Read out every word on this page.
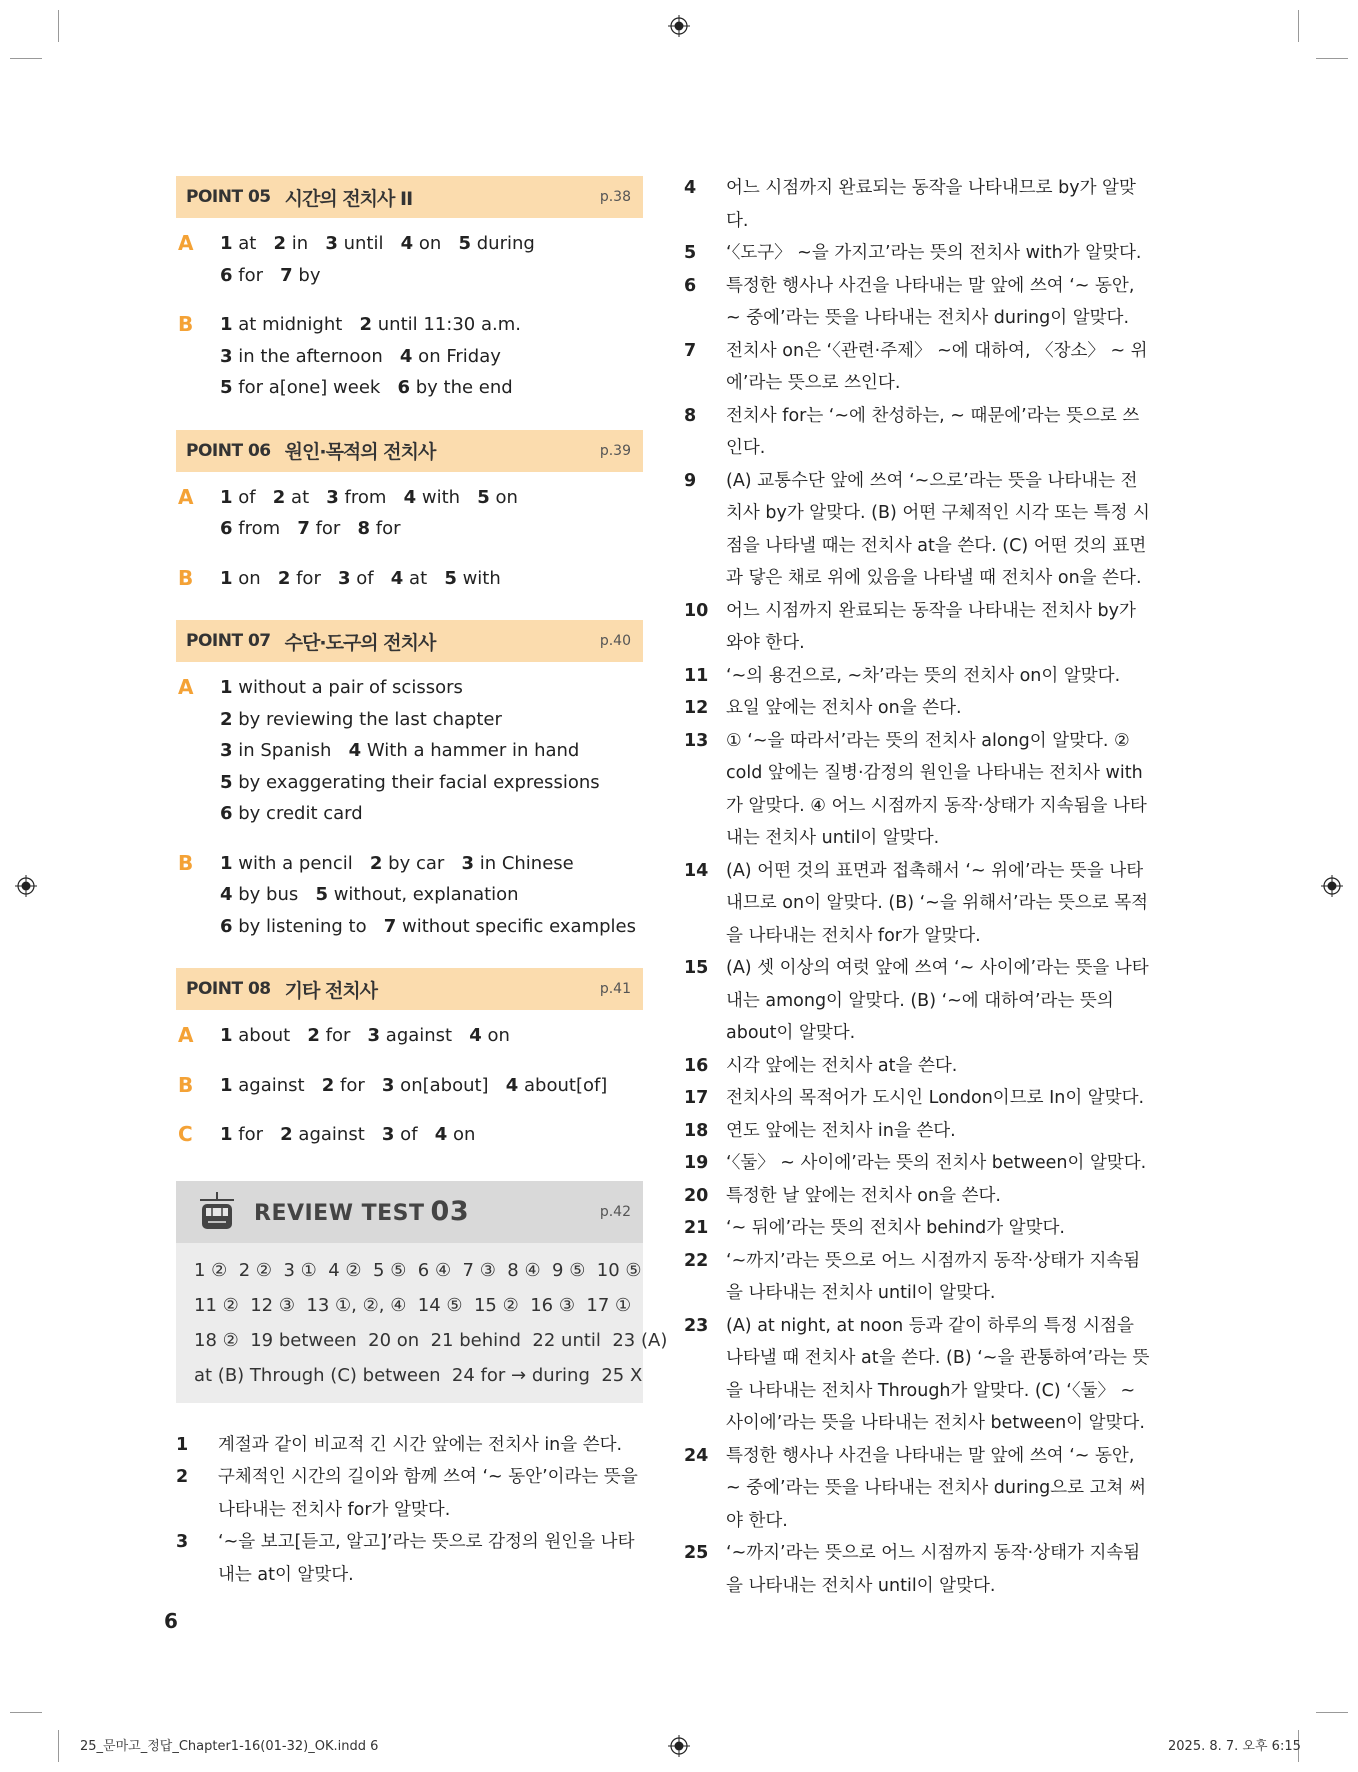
POINT 05 시간의 전치사 II	p.38
A	1 at   2 in   3 until   4 on   5 during
6 for   7 by
B	1 at midnight   2 until 11:30 a.m.
3 in the afternoon   4 on Friday
5 for a[one] week   6 by the end
POINT 06 원인·목적의 전치사	p.39
A	1 of   2 at   3 from   4 with   5 on
6 from   7 for   8 for
B	1 on   2 for   3 of   4 at   5 with
POINT 07 수단·도구의 전치사	p.40
A	1 without a pair of scissors
2 by reviewing the last chapter
3 in Spanish   4 With a hammer in hand
5 by exaggerating their facial expressions
6 by credit card
B	1 with a pencil   2 by car   3 in Chinese
4 by bus   5 without, explanation
6 by listening to   7 without specific examples
POINT 08 기타 전치사	p.41
A	1 about   2 for   3 against   4 on
B	1 against   2 for   3 on[about]   4 about[of]
C	1 for   2 against   3 of   4 on
REVIEW TEST 03	p.42
1 ②  2 ②  3 ①  4 ②  5 ⑤  6 ④  7 ③  8 ④  9 ⑤  10 ⑤
11 ②  12 ③  13 ①, ②, ④  14 ⑤  15 ②  16 ③  17 ①
18 ②  19 between  20 on  21 behind  22 until  23 (A)
at (B) Through (C) between  24 for → during  25 X
1	계절과 같이 비교적 긴 시간 앞에는 전치사 in을 쓴다.
2	구체적인 시간의 길이와 함께 쓰여 ‘~ 동안’이라는 뜻을 나타내는 전치사 for가 알맞다.
3	‘~을 보고[듣고, 알고]’라는 뜻으로 감정의 원인을 나타내는 at이 알맞다.
4	어느 시점까지 완료되는 동작을 나타내므로 by가 알맞다.
5	‘〈도구〉 ~을 가지고’라는 뜻의 전치사 with가 알맞다.
6	특정한 행사나 사건을 나타내는 말 앞에 쓰여 ‘~ 동안, ~ 중에’라는 뜻을 나타내는 전치사 during이 알맞다.
7	전치사 on은 ‘〈관련·주제〉 ~에 대하여, 〈장소〉 ~ 위에’라는 뜻으로 쓰인다.
8	전치사 for는 ‘~에 찬성하는, ~ 때문에’라는 뜻으로 쓰인다.
9	(A) 교통수단 앞에 쓰여 ‘~으로’라는 뜻을 나타내는 전치사 by가 알맞다. (B) 어떤 구체적인 시각 또는 특정 시점을 나타낼 때는 전치사 at을 쓴다. (C) 어떤 것의 표면과 닿은 채로 위에 있음을 나타낼 때 전치사 on을 쓴다.
10	어느 시점까지 완료되는 동작을 나타내는 전치사 by가 와야 한다.
11	‘~의 용건으로, ~차’라는 뜻의 전치사 on이 알맞다.
12	요일 앞에는 전치사 on을 쓴다.
13	① ‘~을 따라서’라는 뜻의 전치사 along이 알맞다. ② cold 앞에는 질병·감정의 원인을 나타내는 전치사 with가 알맞다. ④ 어느 시점까지 동작·상태가 지속됨을 나타내는 전치사 until이 알맞다.
14	(A) 어떤 것의 표면과 접촉해서 ‘~ 위에’라는 뜻을 나타내므로 on이 알맞다. (B) ‘~을 위해서’라는 뜻으로 목적을 나타내는 전치사 for가 알맞다.
15	(A) 셋 이상의 여럿 앞에 쓰여 ‘~ 사이에’라는 뜻을 나타내는 among이 알맞다. (B) ‘~에 대하여’라는 뜻의 about이 알맞다.
16	시각 앞에는 전치사 at을 쓴다.
17	전치사의 목적어가 도시인 London이므로 In이 알맞다.
18	연도 앞에는 전치사 in을 쓴다.
19	‘〈둘〉 ~ 사이에’라는 뜻의 전치사 between이 알맞다.
20	특정한 날 앞에는 전치사 on을 쓴다.
21	‘~ 뒤에’라는 뜻의 전치사 behind가 알맞다.
22	‘~까지’라는 뜻으로 어느 시점까지 동작·상태가 지속됨을 나타내는 전치사 until이 알맞다.
23	(A) at night, at noon 등과 같이 하루의 특정 시점을 나타낼 때 전치사 at을 쓴다. (B) ‘~을 관통하여’라는 뜻을 나타내는 전치사 Through가 알맞다. (C) ‘〈둘〉 ~ 사이에’라는 뜻을 나타내는 전치사 between이 알맞다.
24	특정한 행사나 사건을 나타내는 말 앞에 쓰여 ‘~ 동안, ~ 중에’라는 뜻을 나타내는 전치사 during으로 고쳐 써야 한다.
25	‘~까지’라는 뜻으로 어느 시점까지 동작·상태가 지속됨을 나타내는 전치사 until이 알맞다.
6
25_문마고_정답_Chapter1-16(01-32)_OK.indd 6	2025. 8. 7. 오후 6:15
